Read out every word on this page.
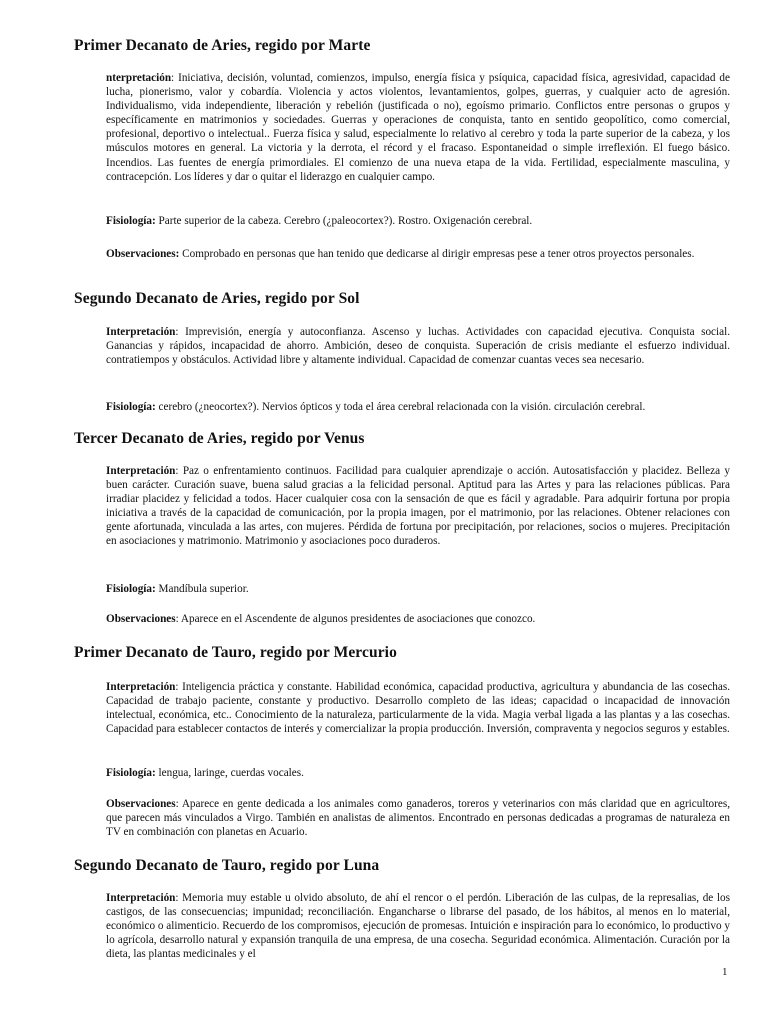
Primer Decanato de Aries, regido por Marte

nterpretación: Iniciativa, decisión, voluntad, comienzos, impulso, energía física y psíquica, capacidad física, agresividad, capacidad de lucha, pionerismo, valor y cobardía. Violencia y actos violentos, levantamientos, golpes, guerras, y cualquier acto de agresión. Individualismo, vida independiente, liberación y rebelión (justificada o no), egoísmo primario. Conflictos entre personas o grupos y específicamente en matrimonios y sociedades. Guerras y operaciones de conquista, tanto en sentido geopolítico, como comercial, profesional, deportivo o intelectual.. Fuerza física y salud, especialmente lo relativo al cerebro y toda la parte superior de la cabeza, y los músculos motores en general. La victoria y la derrota, el récord y el fracaso. Espontaneidad o simple irreflexión. El fuego básico. Incendios. Las fuentes de energía primordiales. El comienzo de una nueva etapa de la vida. Fertilidad, especialmente masculina, y contracepción. Los líderes y dar o quitar el liderazgo en cualquier campo.

Fisiología: Parte superior de la cabeza. Cerebro (¿paleocortex?). Rostro. Oxigenación cerebral.

Observaciones: Comprobado en personas que han tenido que dedicarse al dirigir empresas pese a tener otros proyectos personales.

Segundo Decanato de Aries, regido por Sol

Interpretación: Imprevisión, energía y autoconfianza. Ascenso y luchas. Actividades con capacidad ejecutiva. Conquista social. Ganancias y rápidos, incapacidad de ahorro. Ambición, deseo de conquista. Superación de crisis mediante el esfuerzo individual. contratiempos y obstáculos. Actividad libre y altamente individual. Capacidad de comenzar cuantas veces sea necesario.

Fisiología: cerebro (¿neocortex?). Nervios ópticos y toda el área cerebral relacionada con la visión. circulación cerebral.

Tercer Decanato de Aries, regido por Venus

Interpretación: Paz o enfrentamiento continuos. Facilidad para cualquier aprendizaje o acción. Autosatisfacción y placidez. Belleza y buen carácter. Curación suave, buena salud gracias a la felicidad personal. Aptitud para las Artes y para las relaciones públicas. Para irradiar placidez y felicidad a todos. Hacer cualquier cosa con la sensación de que es fácil y agradable. Para adquirir fortuna por propia iniciativa a través de la capacidad de comunicación, por la propia imagen, por el matrimonio, por las relaciones. Obtener relaciones con gente afortunada, vinculada a las artes, con mujeres. Pérdida de fortuna por precipitación, por relaciones, socios o mujeres. Precipitación en asociaciones y matrimonio. Matrimonio y asociaciones poco duraderos.

Fisiología: Mandíbula superior.

Observaciones: Aparece en el Ascendente de algunos presidentes de asociaciones que conozco.

Primer Decanato de Tauro, regido por Mercurio

Interpretación: Inteligencia práctica y constante. Habilidad económica, capacidad productiva, agricultura y abundancia de las cosechas. Capacidad de trabajo paciente, constante y productivo. Desarrollo completo de las ideas; capacidad o incapacidad de innovación intelectual, económica, etc.. Conocimiento de la naturaleza, particularmente de la vida. Magia verbal ligada a las plantas y a las cosechas. Capacidad para establecer contactos de interés y comercializar la propia producción. Inversión, compraventa y negocios seguros y estables.

Fisiología: lengua, laringe, cuerdas vocales.

Observaciones: Aparece en gente dedicada a los animales como ganaderos, toreros y veterinarios con más claridad que en agricultores, que parecen más vinculados a Virgo. También en analistas de alimentos. Encontrado en personas dedicadas a programas de naturaleza en TV en combinación con planetas en Acuario.

Segundo Decanato de Tauro, regido por Luna

Interpretación: Memoria muy estable u olvido absoluto, de ahí el rencor o el perdón. Liberación de las culpas, de la represalias, de los castigos, de las consecuencias; impunidad; reconciliación. Engancharse o librarse del pasado, de los hábitos, al menos en lo material, económico o alimenticio. Recuerdo de los compromisos, ejecución de promesas. Intuición e inspiración para lo económico, lo productivo y lo agrícola, desarrollo natural y expansión tranquila de una empresa, de una cosecha. Seguridad económica. Alimentación. Curación por la dieta, las plantas medicinales y el

1
